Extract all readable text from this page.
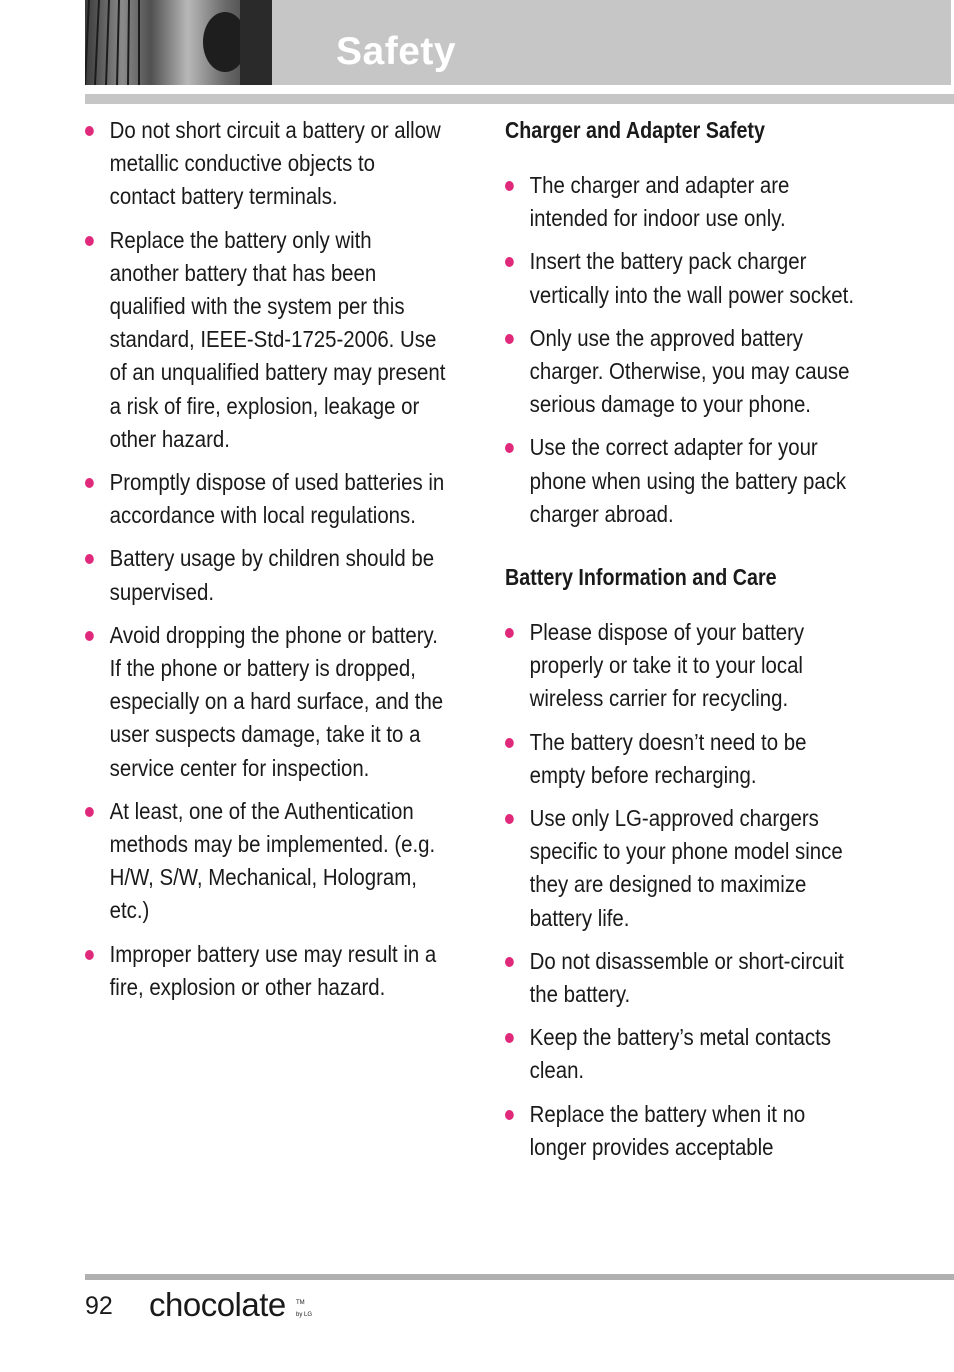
Safety
Do not short circuit a battery or allow metallic conductive objects to contact battery terminals.
Replace the battery only with another battery that has been qualified with the system per this standard, IEEE-Std-1725-2006. Use of an unqualified battery may present a risk of fire, explosion, leakage or other hazard.
Promptly dispose of used batteries in accordance with local regulations.
Battery usage by children should be supervised.
Avoid dropping the phone or battery. If the phone or battery is dropped, especially on a hard surface, and the user suspects damage, take it to a service center for inspection.
At least, one of the Authentication methods may be implemented. (e.g. H/W, S/W, Mechanical, Hologram, etc.)
Improper battery use may result in a fire, explosion or other hazard.
Charger and Adapter Safety
The charger and adapter are intended for indoor use only.
Insert the battery pack charger vertically into the wall power socket.
Only use the approved battery charger. Otherwise, you may cause serious damage to your phone.
Use the correct adapter for your phone when using the battery pack charger abroad.
Battery Information and Care
Please dispose of your battery properly or take it to your local wireless carrier for recycling.
The battery doesn’t need to be empty before recharging.
Use only LG-approved chargers specific to your phone model since they are designed to maximize battery life.
Do not disassemble or short-circuit the battery.
Keep the battery’s metal contacts clean.
Replace the battery when it no longer provides acceptable
92 chocolate TM
by LG
